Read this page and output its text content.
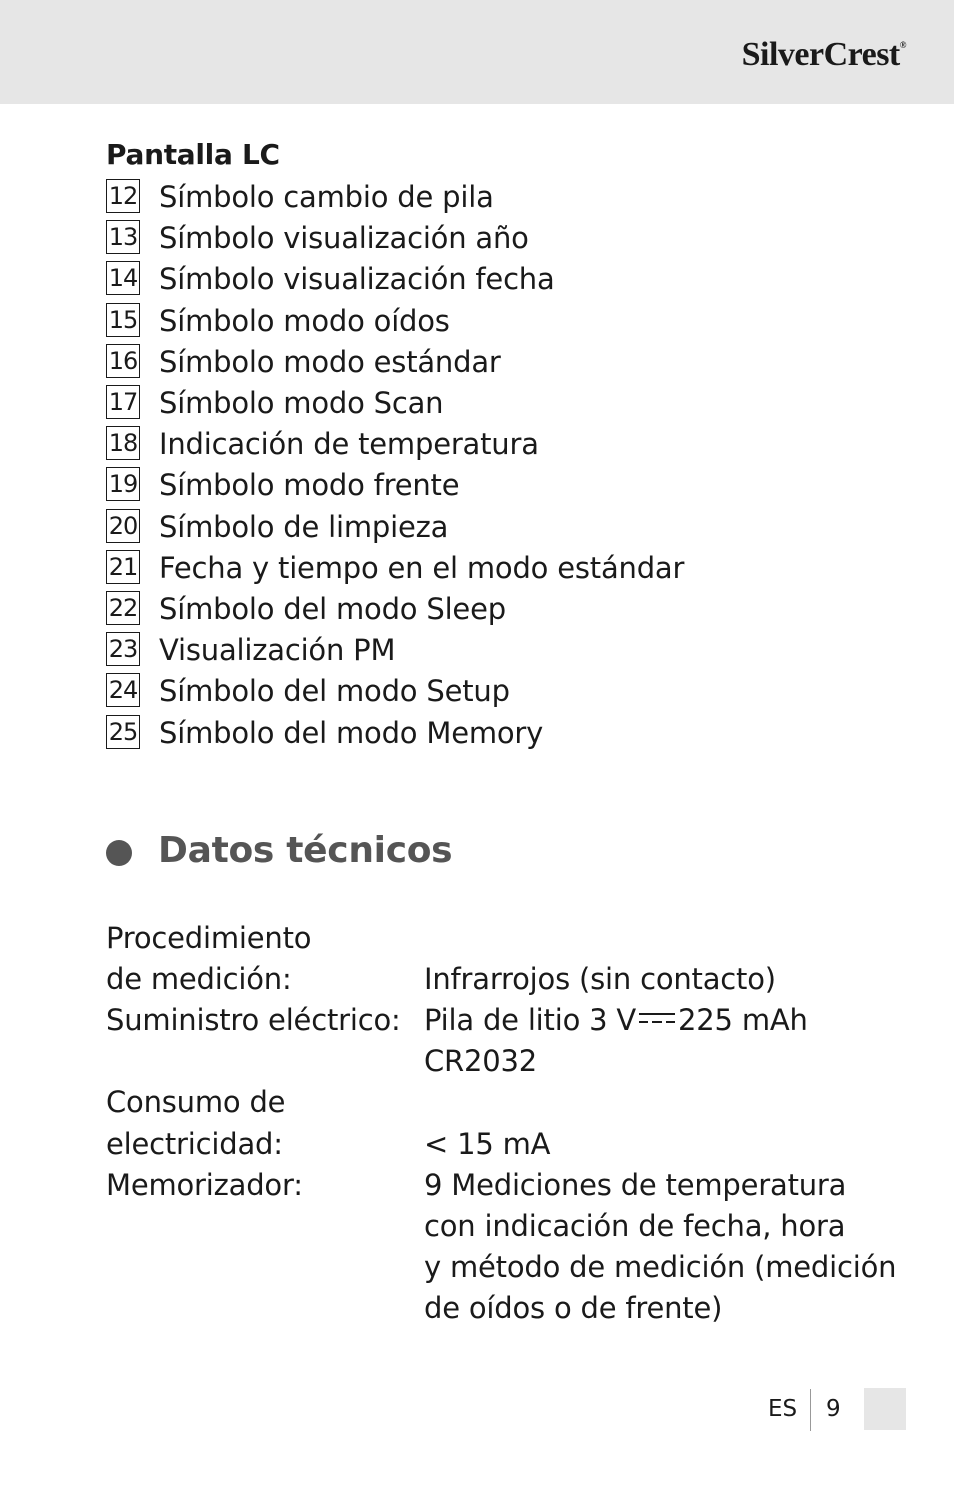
SilverCrest®
Pantalla LC
12 Símbolo cambio de pila
13 Símbolo visualización año
14 Símbolo visualización fecha
15 Símbolo modo oídos
16 Símbolo modo estándar
17 Símbolo modo Scan
18 Indicación de temperatura
19 Símbolo modo frente
20 Símbolo de limpieza
21 Fecha y tiempo en el modo estándar
22 Símbolo del modo Sleep
23 Visualización PM
24 Símbolo del modo Setup
25 Símbolo del modo Memory
Datos técnicos
Procedimiento
de medición:	Infrarrojos (sin contacto)
Suministro eléctrico: Pila de litio 3 V 225 mAh
CR2032
Consumo de
electricidad:	< 15 mA
Memorizador:	9 Mediciones de temperatura
con indicación de fecha, hora
y método de medición (medición
de oídos o de frente)
ES 9
